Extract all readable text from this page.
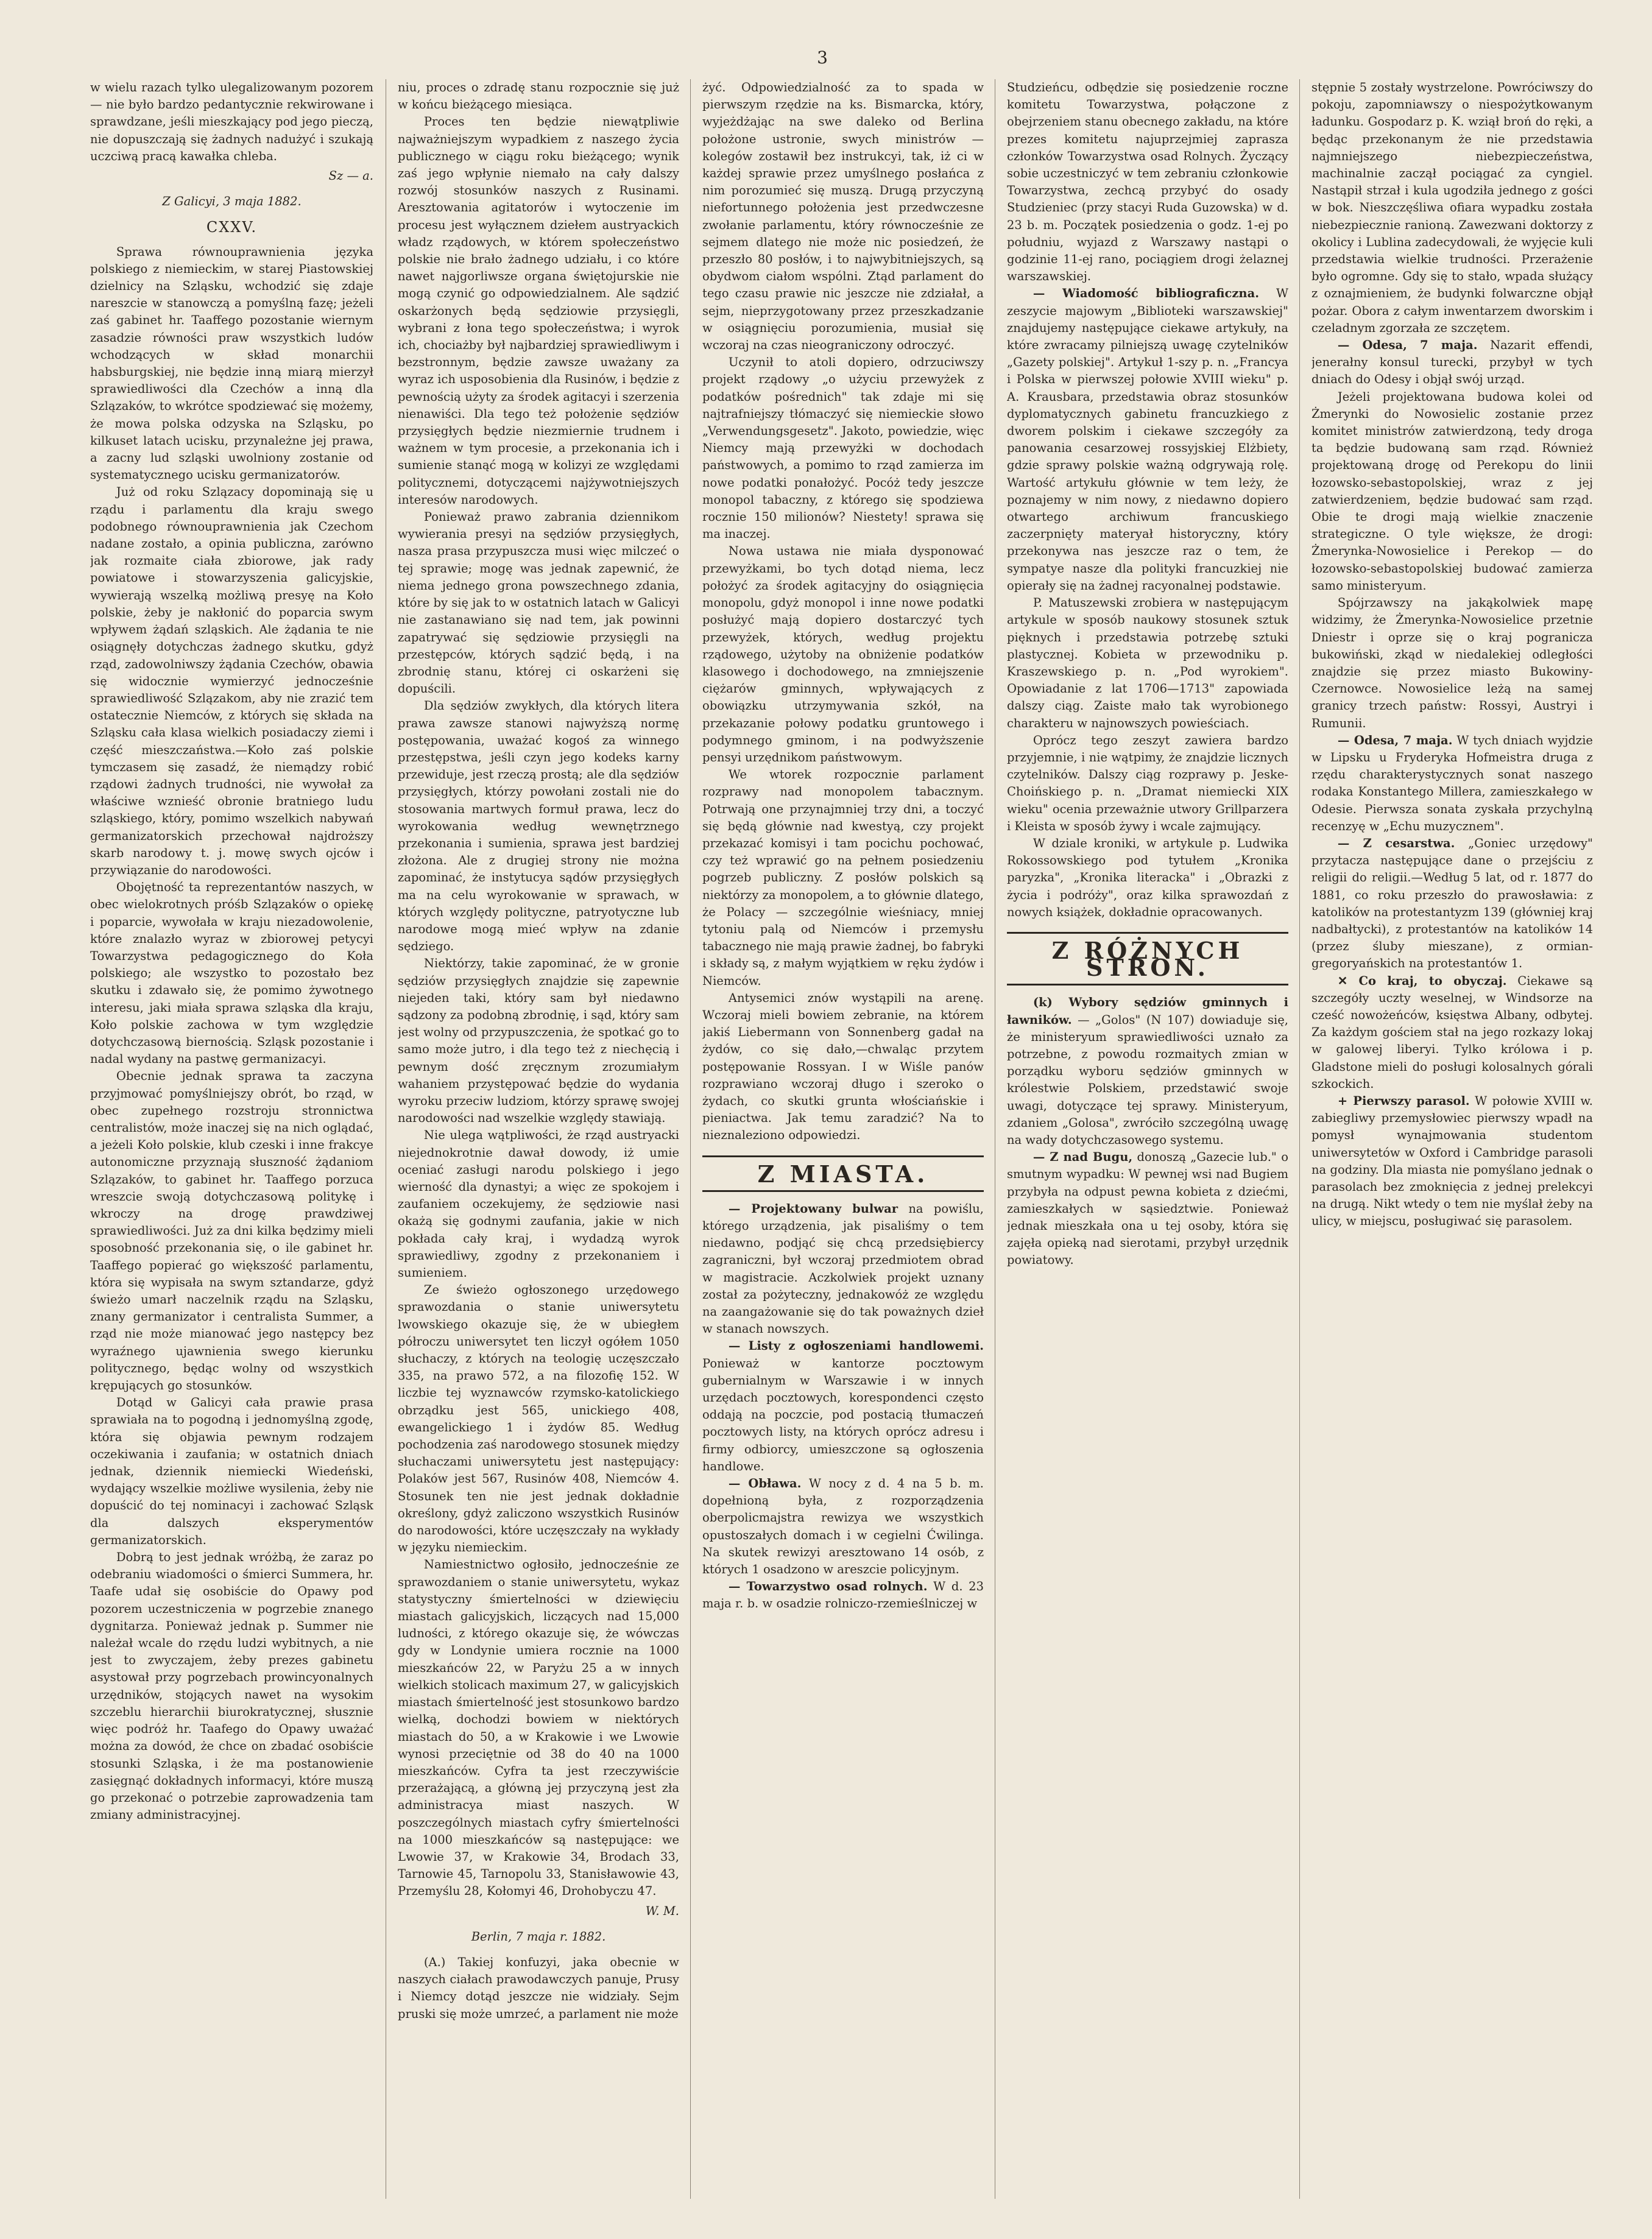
3

w wielu razach tylko ulegalizowanym pozorem — nie było bardzo pedantycznie rekwirowane i sprawdzane, jeśli mieszkający pod jego pieczą, nie dopuszczają się żadnych nadużyć i szukają uczciwą pracą kawałka chleba.

Sz — a.
Z Galicyi, 3 maja 1882.
CXXV.

Sprawa równouprawnienia języka polskiego z niemieckim, w starej Piastowskiej dzielnicy na Szląsku, wchodzić się zdaje nareszcie w stanowczą a pomyślną fazę; jeżeli zaś gabinet hr. Taaffego pozostanie wiernym zasadzie równości praw wszystkich ludów wchodzących w skład monarchii habsburgskiej, nie będzie inną miarą mierzył sprawiedliwości dla Czechów a inną dla Szlązaków, to wkrótce spodziewać się możemy, że mowa polska odzyska na Szląsku, po kilkuset latach ucisku, przynależne jej prawa, a zacny lud szląski uwolniony zostanie od systematycznego ucisku germanizatorów.

Już od roku Szlązacy dopominają się u rządu i parlamentu dla kraju swego podobnego równouprawnienia jak Czechom nadane zostało, a opinia publiczna, zarówno jak rozmaite ciała zbiorowe, jak rady powiatowe i stowarzyszenia galicyjskie, wywierają wszelką możliwą presyę na Koło polskie, żeby je nakłonić do poparcia swym wpływem żądań szląskich. Ale żądania te nie osiągnęły dotychczas żadnego skutku, gdyż rząd, zadowolniwszy żądania Czechów, obawia się widocznie wymierzyć jednocześnie sprawiedliwość Szlązakom, aby nie zrazić tem ostatecznie Niemców, z których się składa na Szląsku cała klasa wielkich posiadaczy ziemi i część mieszczaństwa.—Koło zaś polskie tymczasem się zasadź, że niemądzy robić rządowi żadnych trudności, nie wywołał za właściwe wznieść obronie bratniego ludu szląskiego, który, pomimo wszelkich nabywań germanizatorskich przechował najdroższy skarb narodowy t. j. mowę swych ojców i przywiązanie do narodowości.

Obojętność ta reprezentantów naszych, w obec wielokrotnych próśb Szlązaków o opiekę i poparcie, wywołała w kraju niezadowolenie, które znalazło wyraz w zbiorowej petycyi Towarzystwa pedagogicznego do Koła polskiego; ale wszystko to pozostało bez skutku i zdawało się, że pomimo żywotnego interesu, jaki miała sprawa szląska dla kraju, Koło polskie zachowa w tym względzie dotychczasową biernością. Szląsk pozostanie i nadal wydany na pastwę germanizacyi.

Obecnie jednak sprawa ta zaczyna przyjmować pomyślniejszy obrót, bo rząd, w obec zupełnego rozstroju stronnictwa centralistów, może inaczej się na nich oglądać, a jeżeli Koło polskie, klub czeski i inne frakcye autonomiczne przyznają słuszność żądaniom Szlązaków, to gabinet hr. Taaffego porzuca wreszcie swoją dotychczasową politykę i wkroczy na drogę prawdziwej sprawiedliwości. Już za dni kilka będzimy mieli sposobność przekonania się, o ile gabinet hr. Taaffego popierać go większość parlamentu, która się wypisała na swym sztandarze, gdyż świeżo umarł naczelnik rządu na Szląsku, znany germanizator i centralista Summer, a rząd nie może mianować jego następcy bez wyraźnego ujawnienia swego kierunku politycznego, będąc wolny od wszystkich krępujących go stosunków.

Dotąd w Galicyi cała prawie prasa sprawiała na to pogodną i jednomyślną zgodę, która się objawia pewnym rodzajem oczekiwania i zaufania; w ostatnich dniach jednak, dziennik niemiecki Wiedeński, wydający wszelkie możliwe wysilenia, żeby nie dopuścić do tej nominacyi i zachować Szląsk dla dalszych eksperymentów germanizatorskich.

Dobrą to jest jednak wróżbą, że zaraz po odebraniu wiadomości o śmierci Summera, hr. Taafe udał się osobiście do Opawy pod pozorem uczestniczenia w pogrzebie znanego dygnitarza. Ponieważ jednak p. Summer nie należał wcale do rzędu ludzi wybitnych, a nie jest to zwyczajem, żeby prezes gabinetu asystował przy pogrzebach prowincyonalnych urzędników, stojących nawet na wysokim szczeblu hierarchii biurokratycznej, słusznie więc podróż hr. Taafego do Opawy uważać można za dowód, że chce on zbadać osobiście stosunki Szląska, i że ma postanowienie zasięgnąć dokładnych informacyi, które muszą go przekonać o potrzebie zaprowadzenia tam zmiany administracyjnej.

niu, proces o zdradę stanu rozpocznie się już w końcu bieżącego miesiąca.

Proces ten będzie niewątpliwie najważniejszym wypadkiem z naszego życia publicznego w ciągu roku bieżącego; wynik zaś jego wpłynie niemało na cały dalszy rozwój stosunków naszych z Rusinami. Aresztowania agitatorów i wytoczenie im procesu jest wyłącznem dziełem austryackich władz rządowych, w którem społeczeństwo polskie nie brało żadnego udziału, i co które nawet najgorliwsze organa świętojurskie nie mogą czynić go odpowiedzialnem. Ale sądzić oskarżonych będą sędziowie przysięgli, wybrani z łona tego społeczeństwa; i wyrok ich, chociażby był najbardziej sprawiedliwym i bezstronnym, będzie zawsze uważany za wyraz ich usposobienia dla Rusinów, i będzie z pewnością użyty za środek agitacyi i szerzenia nienawiści. Dla tego też położenie sędziów przysięgłych będzie niezmiernie trudnem i ważnem w tym procesie, a przekonania ich i sumienie stanąć mogą w kolizyi ze względami politycznemi, dotyczącemi najżywotniejszych interesów narodowych.

Ponieważ prawo zabrania dziennikom wywierania presyi na sędziów przysięgłych, nasza prasa przypuszcza musi więc milczeć o tej sprawie; mogę was jednak zapewnić, że niema jednego grona powszechnego zdania, które by się jak to w ostatnich latach w Galicyi nie zastanawiano się nad tem, jak powinni zapatrywać się sędziowie przysięgli na przestępców, których sądzić będą, i na zbrodnię stanu, której ci oskarżeni się dopuścili.

Dla sędziów zwykłych, dla których litera prawa zawsze stanowi najwyższą normę postępowania, uważać kogoś za winnego przestępstwa, jeśli czyn jego kodeks karny przewiduje, jest rzeczą prostą; ale dla sędziów przysięgłych, którzy powołani zostali nie do stosowania martwych formuł prawa, lecz do wyrokowania według wewnętrznego przekonania i sumienia, sprawa jest bardziej złożona. Ale z drugiej strony nie można zapominać, że instytucya sądów przysięgłych ma na celu wyrokowanie w sprawach, w których względy polityczne, patryotyczne lub narodowe mogą mieć wpływ na zdanie sędziego.

Niektórzy, takie zapominać, że w gronie sędziów przysięgłych znajdzie się zapewnie niejeden taki, który sam był niedawno sądzony za podobną zbrodnię, i sąd, który sam jest wolny od przypuszczenia, że spotkać go to samo może jutro, i dla tego też z niechęcią i pewnym dość zręcznym zrozumiałym wahaniem przystępować będzie do wydania wyroku przeciw ludziom, którzy sprawę swojej narodowości nad wszelkie względy stawiają.

Nie ulega wątpliwości, że rząd austryacki niejednokrotnie dawał dowody, iż umie oceniać zasługi narodu polskiego i jego wierność dla dynastyi; a więc ze spokojem i zaufaniem oczekujemy, że sędziowie nasi okażą się godnymi zaufania, jakie w nich pokłada cały kraj, i wydadzą wyrok sprawiedliwy, zgodny z przekonaniem i sumieniem.

Ze świeżo ogłoszonego urzędowego sprawozdania o stanie uniwersytetu lwowskiego okazuje się, że w ubiegłem półroczu uniwersytet ten liczył ogółem 1050 słuchaczy, z których na teologię uczęszczało 335, na prawo 572, a na filozofię 152. W liczbie tej wyznawców rzymsko-katolickiego obrządku jest 565, unickiego 408, ewangelickiego 1 i żydów 85. Według pochodzenia zaś narodowego stosunek między słuchaczami uniwersytetu jest następujący: Polaków jest 567, Rusinów 408, Niemców 4. Stosunek ten nie jest jednak dokładnie określony, gdyż zaliczono wszystkich Rusinów do narodowości, które uczęszczały na wykłady w języku niemieckim.

Namiestnictwo ogłosiło, jednocześnie ze sprawozdaniem o stanie uniwersytetu, wykaz statystyczny śmiertelności w dziewięciu miastach galicyjskich, liczących nad 15,000 ludności, z którego okazuje się, że wówczas gdy w Londynie umiera rocznie na 1000 mieszkańców 22, w Paryżu 25 a w innych wielkich stolicach maximum 27, w galicyjskich miastach śmiertelność jest stosunkowo bardzo wielką, dochodzi bowiem w niektórych miastach do 50, a w Krakowie i we Lwowie wynosi przeciętnie od 38 do 40 na 1000 mieszkańców. Cyfra ta jest rzeczywiście przerażającą, a główną jej przyczyną jest zła administracya miast naszych. W poszczególnych miastach cyfry śmiertelności na 1000 mieszkańców są następujące: we Lwowie 37, w Krakowie 34, Brodach 33, Tarnowie 45, Tarnopolu 33, Stanisławowie 43, Przemyślu 28, Kołomyi 46, Drohobyczu 47.

W. M.
Berlin, 7 maja r. 1882.

(A.) Takiej konfuzyi, jaka obecnie w naszych ciałach prawodawczych panuje, Prusy i Niemcy dotąd jeszcze nie widziały. Sejm pruski się może umrzeć, a parlament nie może

żyć. Odpowiedzialność za to spada w pierwszym rzędzie na ks. Bismarcka, który, wyjeżdżając na swe daleko od Berlina położone ustronie, swych ministrów — kolegów zostawił bez instrukcyi, tak, iż ci w każdej sprawie przez umyślnego posłańca z nim porozumieć się muszą. Drugą przyczyną niefortunnego położenia jest przedwczesne zwołanie parlamentu, który równocześnie ze sejmem dlatego nie może nic posiedzeń, że przeszło 80 posłów, i to najwybitniejszych, są obydwom ciałom wspólni. Ztąd parlament do tego czasu prawie nic jeszcze nie zdziałał, a sejm, nieprzygotowany przez przeszkadzanie w osiągnięciu porozumienia, musiał się wczoraj na czas nieograniczony odroczyć.

Uczynił to atoli dopiero, odrzuciwszy projekt rządowy „o użyciu przewyżek z podatków pośrednich" tak zdaje mi się najtrafniejszy tłómaczyć się niemieckie słowo „Verwendungsgesetz". Jakoto, powiedzie, więc Niemcy mają przewyżki w dochodach państwowych, a pomimo to rząd zamierza im nowe podatki ponałożyć. Pocóż tedy jeszcze monopol tabaczny, z którego się spodziewa rocznie 150 milionów? Niestety! sprawa się ma inaczej.

Nowa ustawa nie miała dysponować przewyżkami, bo tych dotąd niema, lecz położyć za środek agitacyjny do osiągnięcia monopolu, gdyż monopol i inne nowe podatki posłużyć mają dopiero dostarczyć tych przewyżek, których, według projektu rządowego, użytoby na obniżenie podatków klasowego i dochodowego, na zmniejszenie ciężarów gminnych, wpływających z obowiązku utrzymywania szkół, na przekazanie połowy podatku gruntowego i podymnego gminom, i na podwyższenie pensyi urzędnikom państwowym.

We wtorek rozpocznie parlament rozprawy nad monopolem tabacznym. Potrwają one przynajmniej trzy dni, a toczyć się będą głównie nad kwestyą, czy projekt przekazać komisyi i tam pocichu pochować, czy też wprawić go na pełnem posiedzeniu pogrzeb publiczny. Z posłów polskich są niektórzy za monopolem, a to głównie dlatego, że Polacy — szczególnie wieśniacy, mniej tytoniu palą od Niemców i przemysłu tabacznego nie mają prawie żadnej, bo fabryki i składy są, z małym wyjątkiem w ręku żydów i Niemców.

Antysemici znów wystąpili na arenę. Wczoraj mieli bowiem zebranie, na którem jakiś Liebermann von Sonnenberg gadał na żydów, co się dało,—chwaląc przytem postępowanie Rossyan. I w Wiśle panów rozprawiano wczoraj długo i szeroko o żydach, co skutki grunta włościańskie i pieniactwa. Jak temu zaradzić? Na to nieznaleziono odpowiedzi.

Z MIASTA.

— Projektowany bulwar na powiślu, którego urządzenia, jak pisaliśmy o tem niedawno, podjąć się chcą przedsiębiercy zagraniczni, był wczoraj przedmiotem obrad w magistracie. Aczkolwiek projekt uznany został za pożyteczny, jednakowóż ze względu na zaangażowanie się do tak poważnych dzieł w stanach nowszych.

— Listy z ogłoszeniami handlowemi. Ponieważ w kantorze pocztowym gubernialnym w Warszawie i w innych urzędach pocztowych, korespondenci często oddają na poczcie, pod postacią tłumaczeń pocztowych listy, na których oprócz adresu i firmy odbiorcy, umieszczone są ogłoszenia handlowe.

— Obława. W nocy z d. 4 na 5 b. m. dopełnioną była, z rozporządzenia oberpolicmajstra rewizya we wszystkich opustoszałych domach i w cegielni Ćwilinga. Na skutek rewizyi aresztowano 14 osób, z których 1 osadzono w areszcie policyjnym.

— Towarzystwo osad rolnych. W d. 23 maja r. b. w osadzie rolniczo-rzemieślniczej w

Studzieńcu, odbędzie się posiedzenie roczne komitetu Towarzystwa, połączone z obejrzeniem stanu obecnego zakładu, na które prezes komitetu najuprzejmiej zaprasza członków Towarzystwa osad Rolnych. Życzący sobie uczestniczyć w tem zebraniu członkowie Towarzystwa, zechcą przybyć do osady Studzieniec (przy stacyi Ruda Guzowska) w d. 23 b. m. Początek posiedzenia o godz. 1-ej po południu, wyjazd z Warszawy nastąpi o godzinie 11-ej rano, pociągiem drogi żelaznej warszawskiej.

— Wiadomość bibliograficzna. W zeszycie majowym „Biblioteki warszawskiej" znajdujemy następujące ciekawe artykuły, na które zwracamy pilniejszą uwagę czytelników „Gazety polskiej". Artykuł 1-szy p. n. „Francya i Polska w pierwszej połowie XVIII wieku" p. A. Krausbara, przedstawia obraz stosunków dyplomatycznych gabinetu francuzkiego z dworem polskim i ciekawe szczegóły za panowania cesarzowej rossyjskiej Elżbiety, gdzie sprawy polskie ważną odgrywają rolę. Wartość artykułu głównie w tem leży, że poznajemy w nim nowy, z niedawno dopiero otwartego archiwum francuskiego zaczerpnięty materyał historyczny, który przekonywa nas jeszcze raz o tem, że sympatye nasze dla polityki francuzkiej nie opierały się na żadnej racyonalnej podstawie.

P. Matuszewski zrobiera w następującym artykule w sposób naukowy stosunek sztuk pięknych i przedstawia potrzebę sztuki plastycznej. Kobieta w przewodniku p. Kraszewskiego p. n. „Pod wyrokiem". Opowiadanie z lat 1706—1713" zapowiada dalszy ciąg. Zaiste mało tak wyrobionego charakteru w najnowszych powieściach.

Oprócz tego zeszyt zawiera bardzo przyjemnie, i nie wątpimy, że znajdzie licznych czytelników. Dalszy ciąg rozprawy p. Jeske-Choińskiego p. n. „Dramat niemiecki XIX wieku" ocenia przeważnie utwory Grillparzera i Kleista w sposób żywy i wcale zajmujący.

W dziale kroniki, w artykule p. Ludwika Rokossowskiego pod tytułem „Kronika paryzka", „Kronika literacka" i „Obrazki z życia i podróży", oraz kilka sprawozdań z nowych książek, dokładnie opracowanych.

Z RÓŻNYCH STRON.

(k) Wybory sędziów gminnych i ławników. — „Golos" (N 107) dowiaduje się, że ministeryum sprawiedliwości uznało za potrzebne, z powodu rozmaitych zmian w porządku wyboru sędziów gminnych w królestwie Polskiem, przedstawić swoje uwagi, dotyczące tej sprawy. Ministeryum, zdaniem „Golosa", zwróciło szczególną uwagę na wady dotychczasowego systemu.

— Z nad Bugu, donoszą „Gazecie lub." o smutnym wypadku: W pewnej wsi nad Bugiem przybyła na odpust pewna kobieta z dziećmi, zamieszkałych w sąsiedztwie. Ponieważ jednak mieszkała ona u tej osoby, która się zajęła opieką nad sierotami, przybył urzędnik powiatowy.

stępnie 5 zostały wystrzelone. Powróciwszy do pokoju, zapomniawszy o niespożytkowanym ładunku. Gospodarz p. K. wziął broń do ręki, a będąc przekonanym że nie przedstawia najmniejszego niebezpieczeństwa, machinalnie zaczął pociągać za cyngiel. Nastąpił strzał i kula ugodziła jednego z gości w bok. Nieszczęśliwa ofiara wypadku została niebezpiecznie ranioną. Zawezwani doktorzy z okolicy i Lublina zadecydowali, że wyjęcie kuli przedstawia wielkie trudności. Przerażenie było ogromne. Gdy się to stało, wpada służący z oznajmieniem, że budynki folwarczne objął pożar. Obora z całym inwentarzem dworskim i czeladnym zgorzała ze szczętem.

— Odesa, 7 maja. Nazarit effendi, jenerałny konsul turecki, przybył w tych dniach do Odesy i objął swój urząd.

Jeżeli projektowana budowa kolei od Żmerynki do Nowosielic zostanie przez komitet ministrów zatwierdzoną, tedy droga ta będzie budowaną sam rząd. Również projektowaną drogę od Perekopu do linii łozowsko-sebastopolskiej, wraz z jej zatwierdzeniem, będzie budować sam rząd. Obie te drogi mają wielkie znaczenie strategiczne. O tyle większe, że drogi: Żmerynka-Nowosielice i Perekop — do łozowsko-sebastopolskiej budować zamierza samo ministeryum.

Spójrzawszy na jakąkolwiek mapę widzimy, że Żmerynka-Nowosielice przetnie Dniestr i oprze się o kraj pogranicza bukowiński, zkąd w niedalekiej odległości znajdzie się przez miasto Bukowiny-Czernowce. Nowosielice leżą na samej granicy trzech państw: Rossyi, Austryi i Rumunii.

— Odesa, 7 maja. W tych dniach wyjdzie w Lipsku u Fryderyka Hofmeistra druga z rzędu charakterystycznych sonat naszego rodaka Konstantego Millera, zamieszkałego w Odesie. Pierwsza sonata zyskała przychylną recenzyę w „Echu muzycznem".

— Z cesarstwa. „Goniec urzędowy" przytacza następujące dane o przejściu z religii do religii.—Według 5 lat, od r. 1877 do 1881, co roku przeszło do prawosławia: z katolików na protestantyzm 139 (główniej kraj nadbałtycki), z protestantów na katolików 14 (przez śluby mieszane), z ormian-gregoryańskich na protestantów 1.

✕ Co kraj, to obyczaj. Ciekawe są szczegóły uczty weselnej, w Windsorze na cześć nowożeńców, księstwa Albany, odbytej. Za każdym gościem stał na jego rozkazy lokaj w galowej liberyi. Tylko królowa i p. Gladstone mieli do posługi kolosalnych górali szkockich.

+ Pierwszy parasol. W połowie XVIII w. zabiegliwy przemysłowiec pierwszy wpadł na pomysł wynajmowania studentom uniwersytetów w Oxford i Cambridge parasoli na godziny. Dla miasta nie pomyślano jednak o parasolach bez zmoknięcia z jednej prelekcyi na drugą. Nikt wtedy o tem nie myślał żeby na ulicy, w miejscu, posługiwać się parasolem.
